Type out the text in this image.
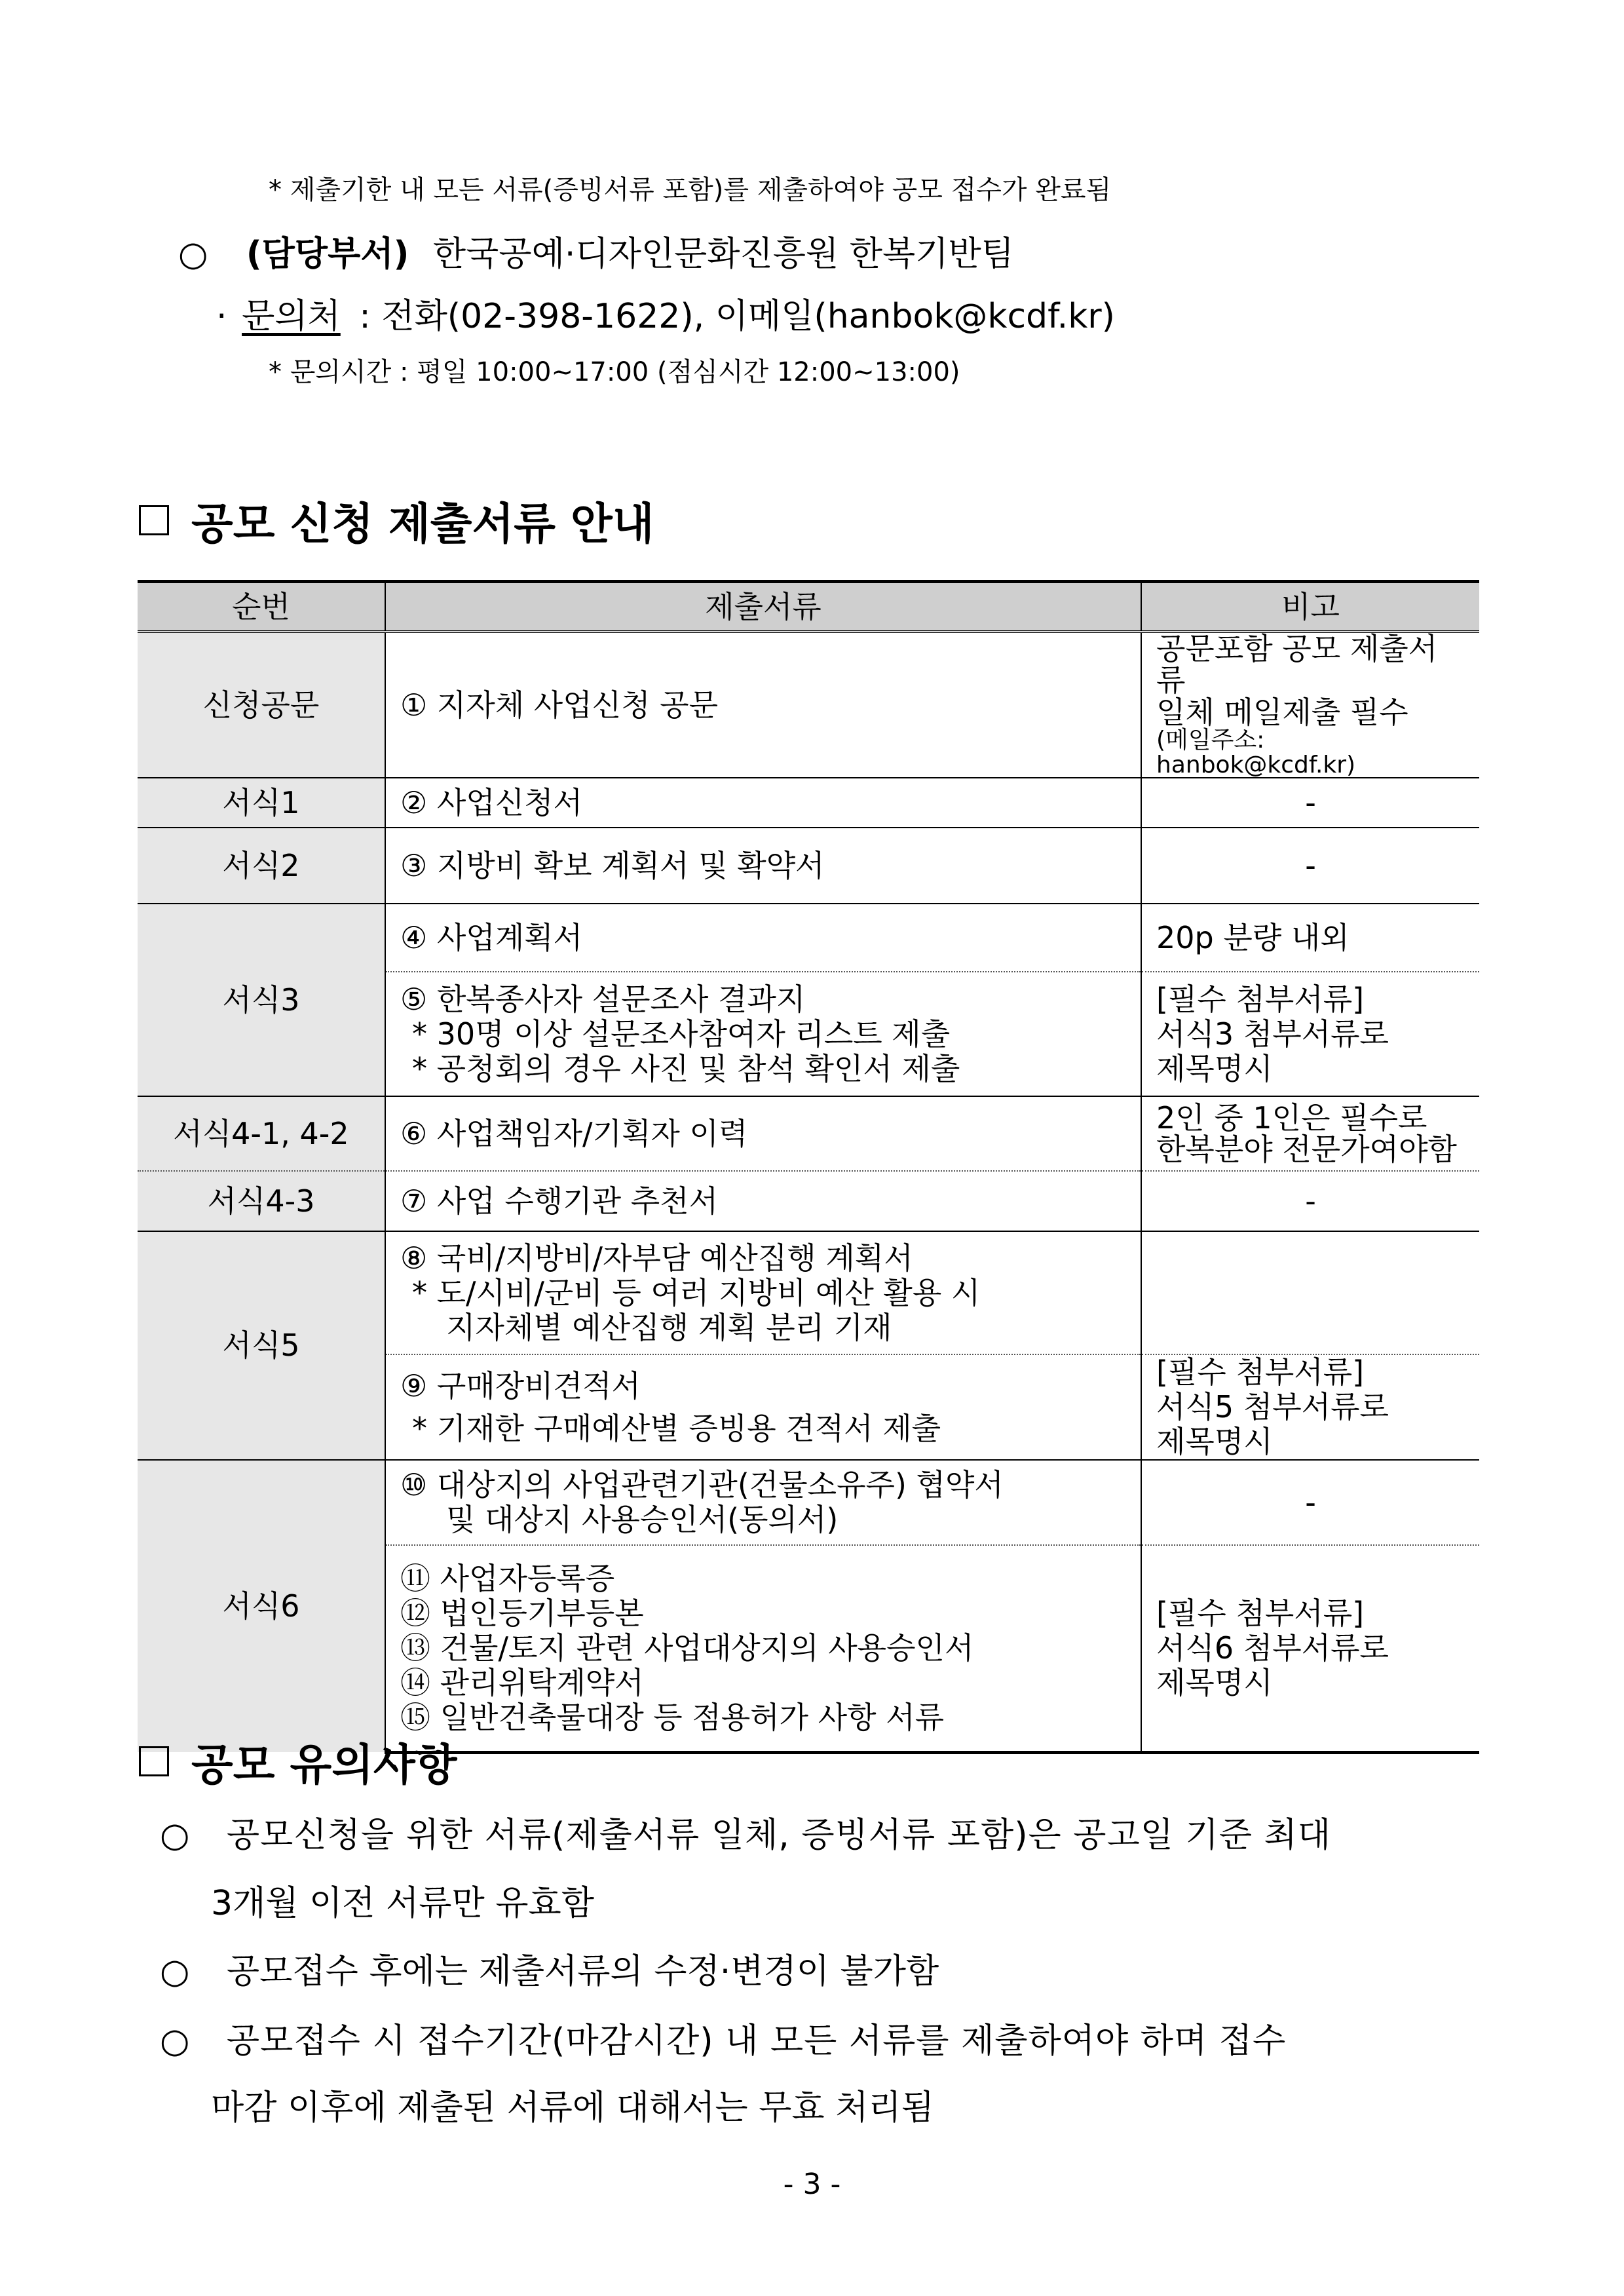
* 제출기한 내 모든 서류(증빙서류 포함)를 제출하여야 공모 접수가 완료됨
○ (담당부서) 한국공예·디자인문화진흥원 한복기반팀
· 문의처 : 전화(02-398-1622), 이메일(hanbok@kcdf.kr)
* 문의시간 : 평일 10:00~17:00 (점심시간 12:00~13:00)
공모 신청 제출서류 안내
순번	제출서류	비고
신청공문	① 지자체 사업신청 공문	공문포함 공모 제출서류
일체 메일제출 필수
(메일주소: hanbok@kcdf.kr)

서식1	② 사업신청서	-
서식2	③ 지방비 확보 계획서 및 확약서	-
서식3	④ 사업계획서	20p 분량 내외

	⑤ 한복종사자 설문조사 결과지
* 30명 이상 설문조사참여자 리스트 제출
* 공청회의 경우 사진 및 참석 확인서 제출	[필수 첨부서류]
서식3 첨부서류로
제목명시

서식4-1, 4-2	⑥ 사업책임자/기획자 이력	2인 중 1인은 필수로
한복분야 전문가여야함

서식4-3	⑦ 사업 수행기관 추천서	-
서식5	⑧ 국비/지방비/자부담 예산집행 계획서
* 도/시비/군비 등 여러 지방비 예산 활용 시
지자체별 예산집행 계획 분리 기재	

	⑨ 구매장비견적서
* 기재한 구매예산별 증빙용 견적서 제출	[필수 첨부서류]
서식5 첨부서류로
제목명시

서식6	⑩ 대상지의 사업관련기관(건물소유주) 협약서
및 대상지 사용승인서(동의서)	-

	⑪ 사업자등록증
⑫ 법인등기부등본
⑬ 건물/토지 관련 사업대상지의 사용승인서
⑭ 관리위탁계약서
⑮ 일반건축물대장 등 점용허가 사항 서류	[필수 첨부서류]
서식6 첨부서류로
제목명시
공모 유의사항
○ 공모신청을 위한 서류(제출서류 일체, 증빙서류 포함)은 공고일 기준 최대
3개월 이전 서류만 유효함
○ 공모접수 후에는 제출서류의 수정·변경이 불가함
○ 공모접수 시 접수기간(마감시간) 내 모든 서류를 제출하여야 하며 접수
마감 이후에 제출된 서류에 대해서는 무효 처리됨
- 3 -
